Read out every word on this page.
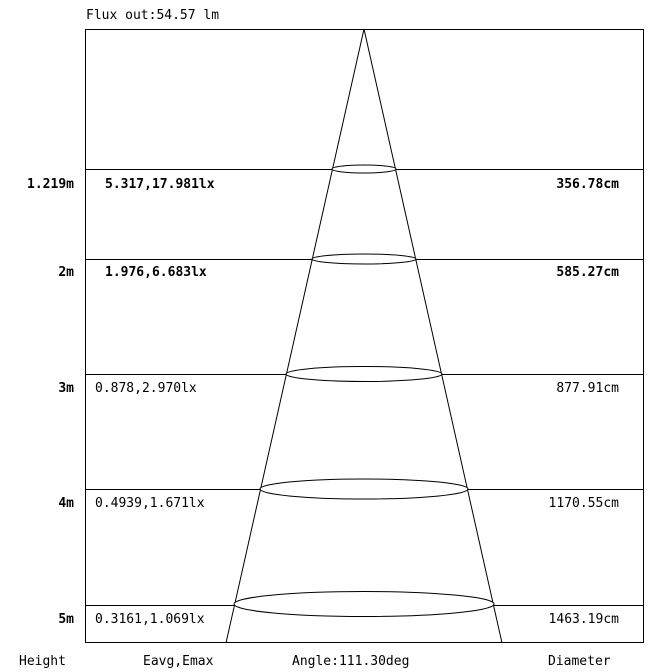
Flux out:54.57 lm
1.219m 5.317,17.981lx	356.78cm
2m 1.976,6.683lx	585.27cm
3m 0.878,2.970lx	877.91cm
4m 0.4939,1.671lx	1170.55cm
5m 0.3161,1.069lx	1463.19cm
Height	Eavg,Emax	Angle:111.30deg	Diameter
